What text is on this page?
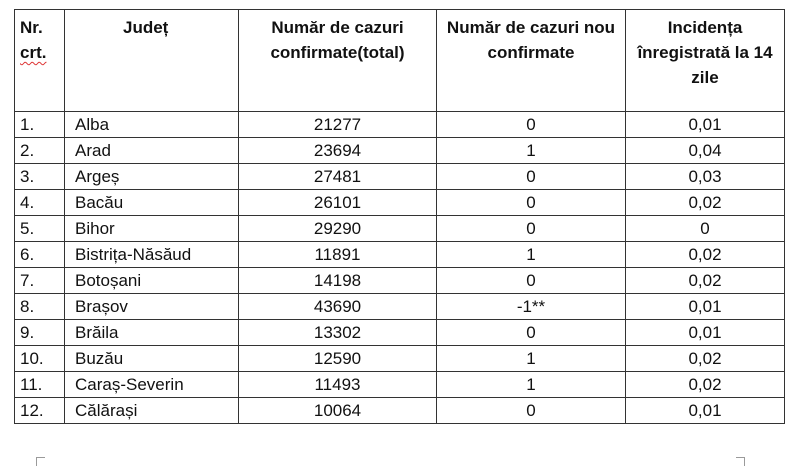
Nr.
crt.	Județ	Număr de cazuri confirmate(total)	Număr de cazuri nou confirmate	Incidența înregistrată la 14 zile
1.	Alba	21277	0	0,01
2.	Arad	23694	1	0,04
3.	Argeș	27481	0	0,03
4.	Bacău	26101	0	0,02
5.	Bihor	29290	0	0
6.	Bistrița-Năsăud	11891	1	0,02
7.	Botoșani	14198	0	0,02
8.	Brașov	43690	-1**	0,01
9.	Brăila	13302	0	0,01
10.	Buzău	12590	1	0,02
11.	Caraș-Severin	11493	1	0,02
12.	Călărași	10064	0	0,01
